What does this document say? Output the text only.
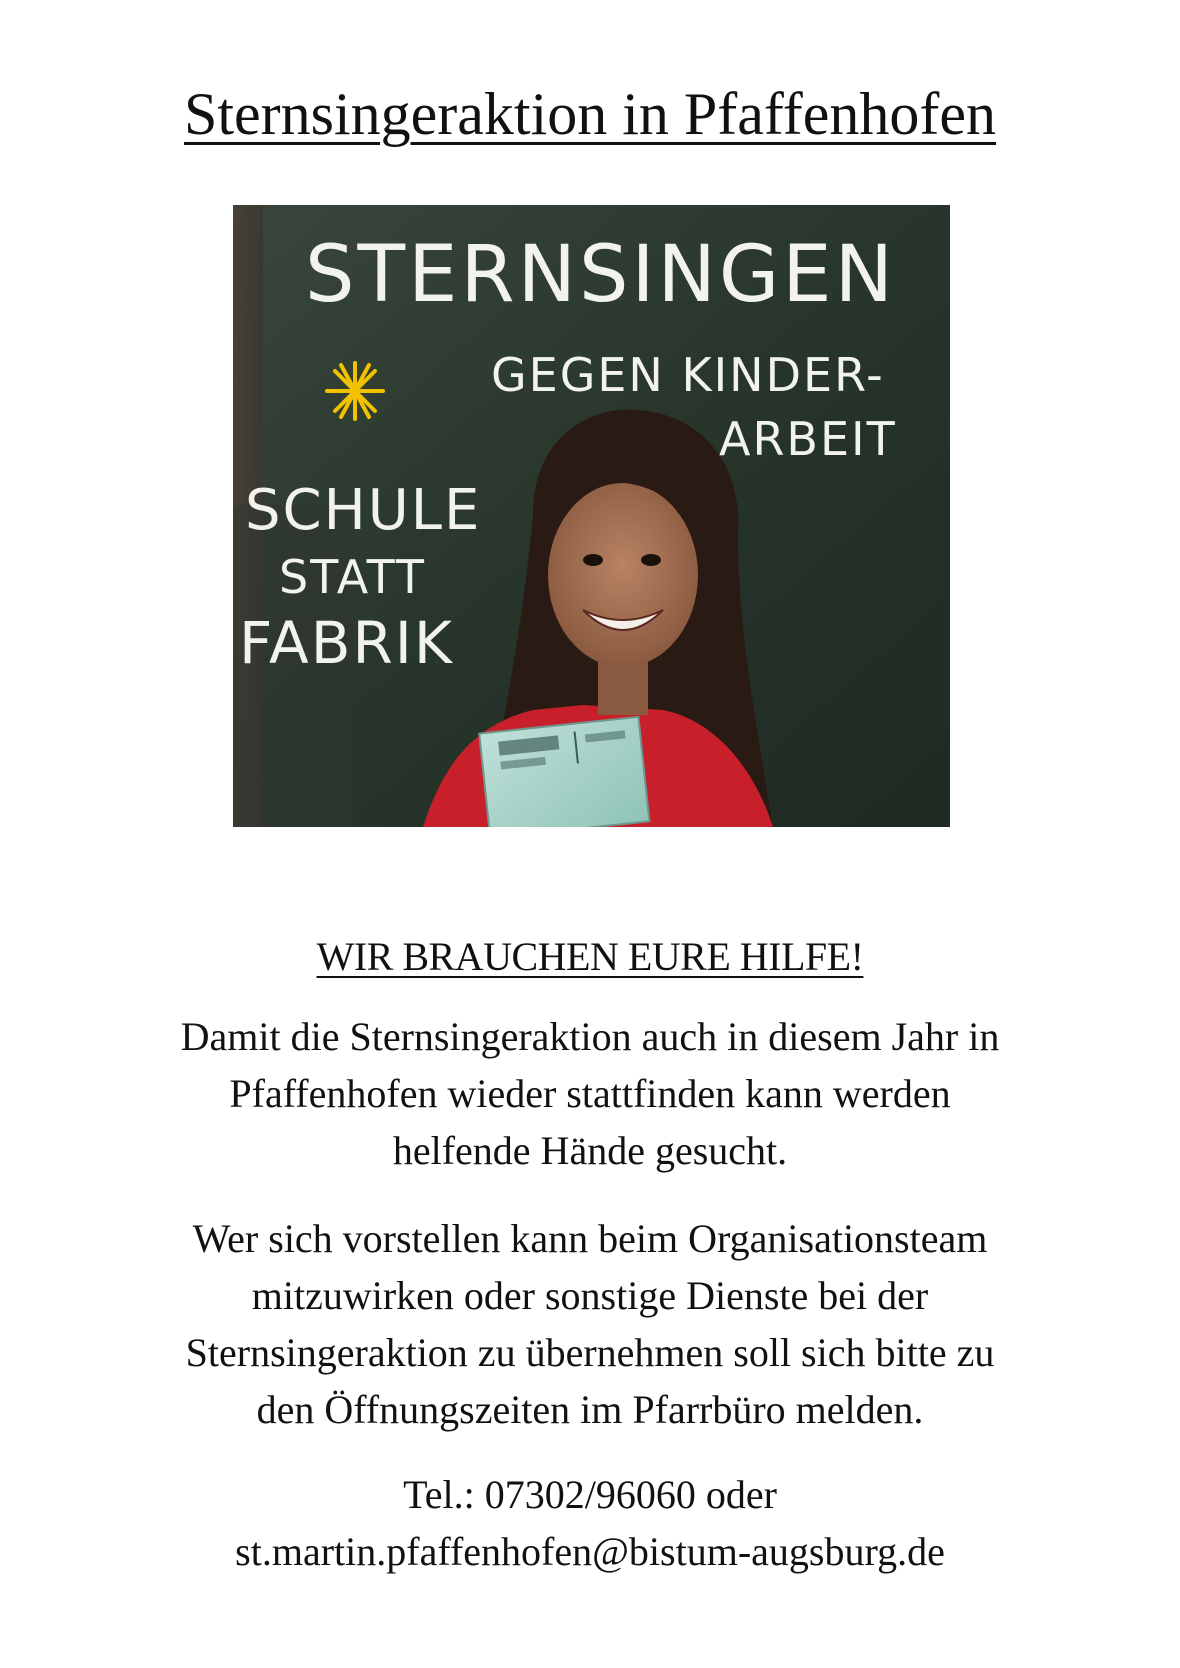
Sternsingeraktion in Pfaffenhofen
STERNSINGEN
GEGEN KINDER-
ARBEIT
SCHULE
STATT
FABRIK
WIR BRAUCHEN EURE HILFE!

Damit die Sternsingeraktion auch in diesem Jahr in
Pfaffenhofen wieder stattfinden kann werden
helfende Hände gesucht.

Wer sich vorstellen kann beim Organisationsteam
mitzuwirken oder sonstige Dienste bei der
Sternsingeraktion zu übernehmen soll sich bitte zu
den Öffnungszeiten im Pfarrbüro melden.

Tel.: 07302/96060 oder
st.martin.pfaffenhofen@bistum-augsburg.de
